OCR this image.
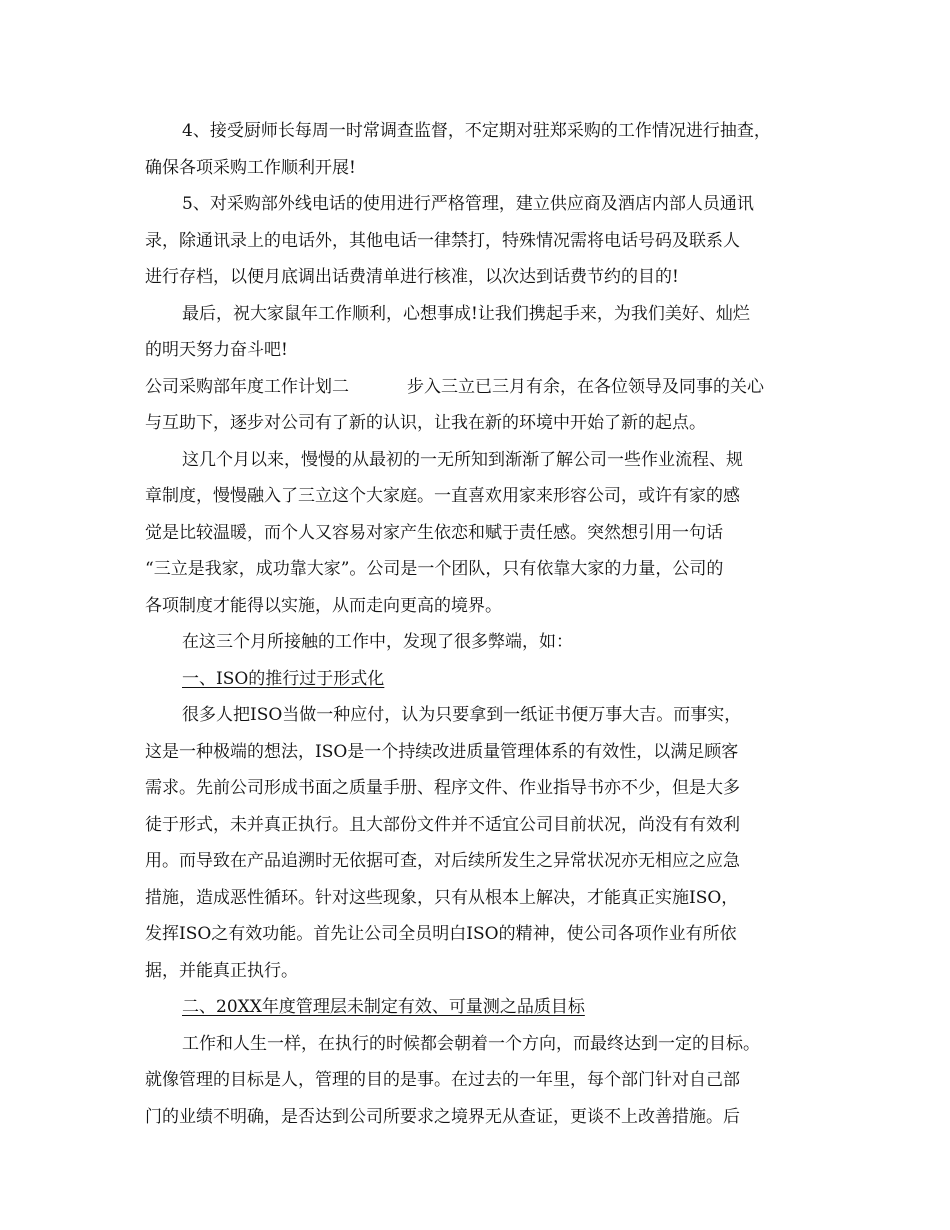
4、接受厨师长每周一时常调查监督，不定期对驻郑采购的工作情况进行抽查，
确保各项采购工作顺利开展!
5、对采购部外线电话的使用进行严格管理，建立供应商及酒店内部人员通讯
录，除通讯录上的电话外，其他电话一律禁打，特殊情况需将电话号码及联系人
进行存档，以便月底调出话费清单进行核准，以次达到话费节约的目的!
最后，祝大家鼠年工作顺利，心想事成!让我们携起手来，为我们美好、灿烂
的明天努力奋斗吧!
公司采购部年度工作计划二	步入三立已三月有余，在各位领导及同事的关心
与互助下，逐步对公司有了新的认识，让我在新的环境中开始了新的起点。
这几个月以来，慢慢的从最初的一无所知到渐渐了解公司一些作业流程、规
章制度，慢慢融入了三立这个大家庭。一直喜欢用家来形容公司，或许有家的感
觉是比较温暖，而个人又容易对家产生依恋和赋于责任感。突然想引用一句话
“三立是我家，成功靠大家”。公司是一个团队，只有依靠大家的力量，公司的
各项制度才能得以实施，从而走向更高的境界。
在这三个月所接触的工作中，发现了很多弊端，如：
一、ISO的推行过于形式化
很多人把ISO当做一种应付，认为只要拿到一纸证书便万事大吉。而事实，
这是一种极端的想法，ISO是一个持续改进质量管理体系的有效性，以满足顾客
需求。先前公司形成书面之质量手册、程序文件、作业指导书亦不少，但是大多
徒于形式，未并真正执行。且大部份文件并不适宜公司目前状况，尚没有有效利
用。而导致在产品追溯时无依据可查，对后续所发生之异常状况亦无相应之应急
措施，造成恶性循环。针对这些现象，只有从根本上解决，才能真正实施ISO，
发挥ISO之有效功能。首先让公司全员明白ISO的精神，使公司各项作业有所依
据，并能真正执行。
二、20XX年度管理层未制定有效、可量测之品质目标
工作和人生一样，在执行的时候都会朝着一个方向，而最终达到一定的目标。
就像管理的目标是人，管理的目的是事。在过去的一年里，每个部门针对自己部
门的业绩不明确，是否达到公司所要求之境界无从查证，更谈不上改善措施。后
